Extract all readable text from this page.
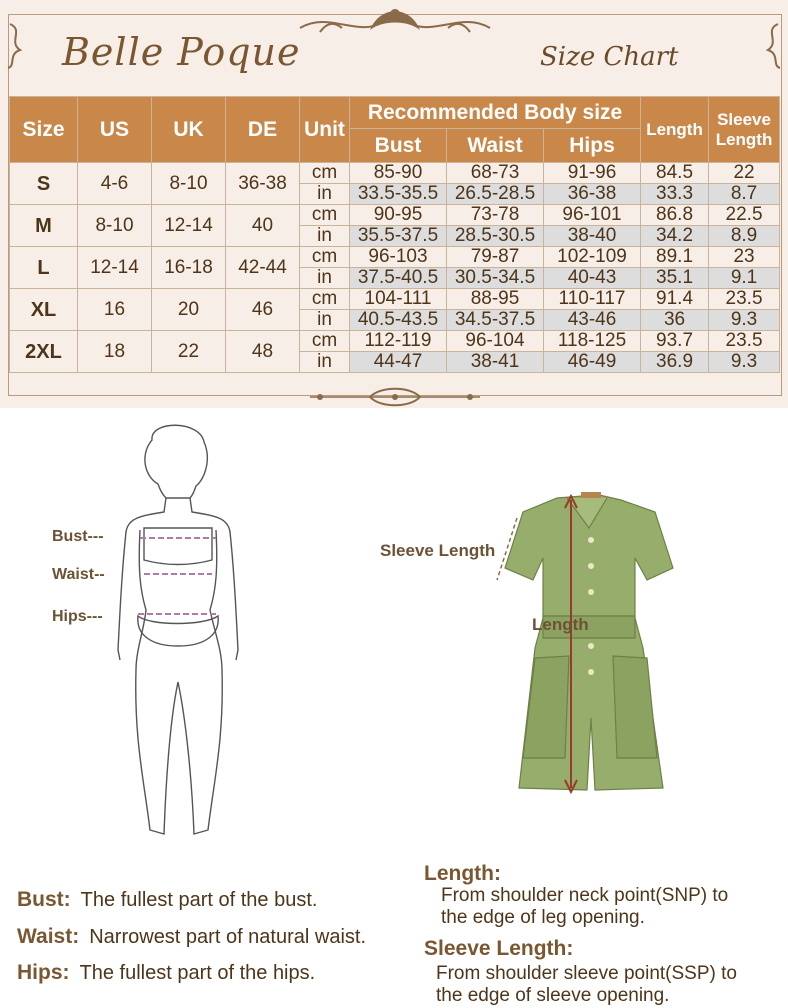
Belle Poque	Size Chart
Size	US	UK	DE	Unit	Recommended Body size			Length	Sleeve Length
					Bust	Waist	Hips		
S	4-6	8-10	36-38	cm	85-90	68-73	91-96	84.5	22
				in	33.5-35.5	26.5-28.5	36-38	33.3	8.7
M	8-10	12-14	40	cm	90-95	73-78	96-101	86.8	22.5
				in	35.5-37.5	28.5-30.5	38-40	34.2	8.9
L	12-14	16-18	42-44	cm	96-103	79-87	102-109	89.1	23
				in	37.5-40.5	30.5-34.5	40-43	35.1	9.1
XL	16	20	46	cm	104-111	88-95	110-117	91.4	23.5
				in	40.5-43.5	34.5-37.5	43-46	36	9.3
2XL	18	22	48	cm	112-119	96-104	118-125	93.7	23.5
				in	44-47	38-41	46-49	36.9	9.3
Bust---
Waist--
Hips---
Sleeve Length
Length
Bust: The fullest part of the bust.
Waist: Narrowest part of natural waist.
Hips: The fullest part of the hips.
Length:
From shoulder neck point(SNP) to
the edge of leg opening.
Sleeve Length:
From shoulder sleeve point(SSP) to
the edge of sleeve opening.
